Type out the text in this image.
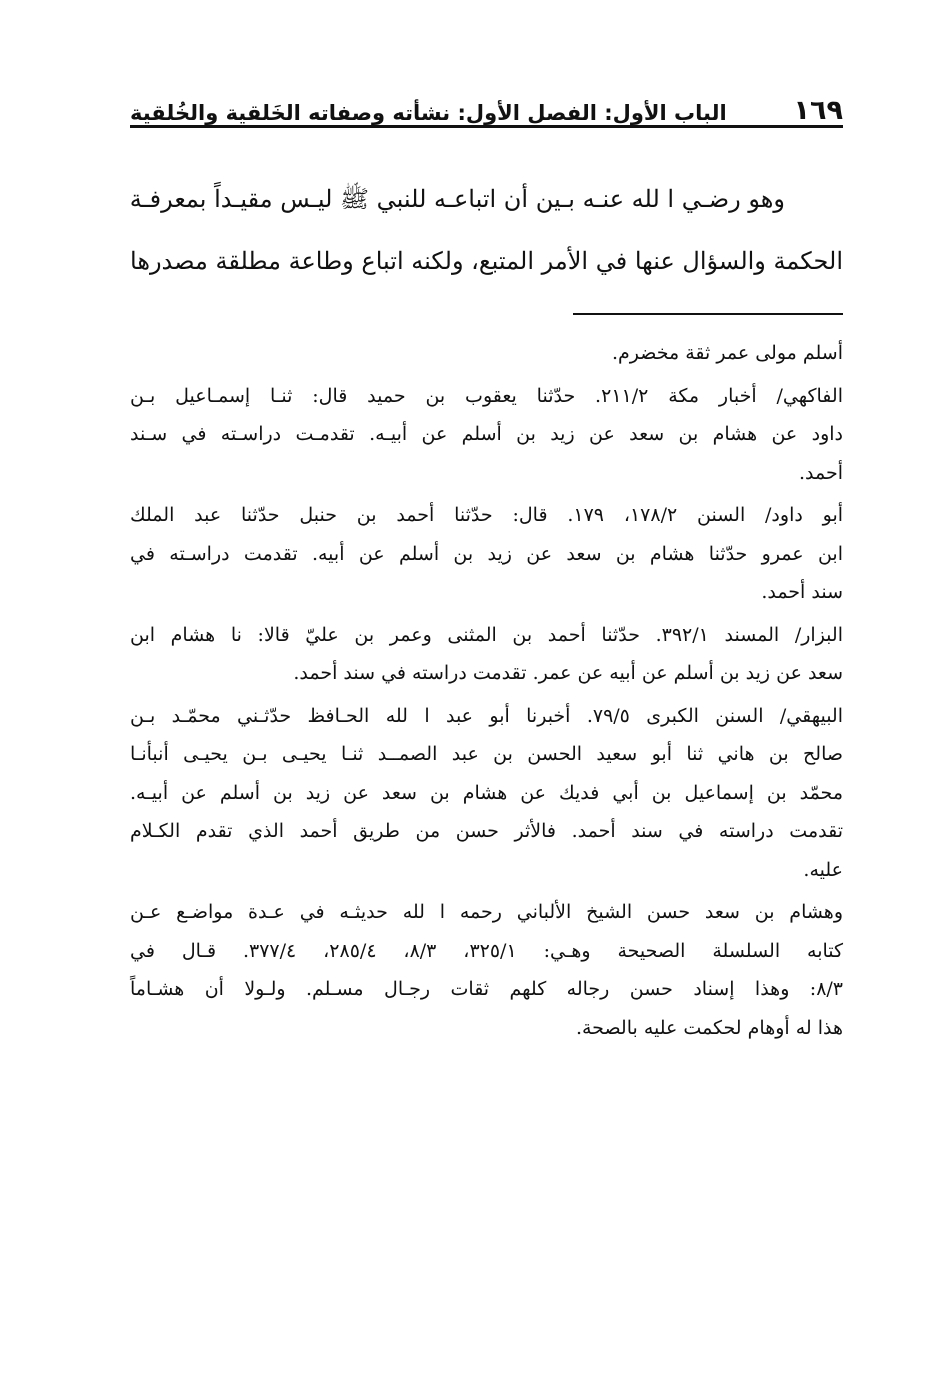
١٦٩
الباب الأول: الفصل الأول: نشأته وصفاته الخَلقية والخُلقية

وهو رضـي ا لله عنـه بـين أن اتباعـه للنبي ﷺ ليـس مقيـداً بمعرفـة

الحكمة والسؤال عنها في الأمر المتبع، ولكنه اتباع وطاعة مطلقة مصدرها

أسلم مولى عمر ثقة مخضرم.

الفاكهي/ أخبار مكة ٢١١/٢. حدّثنا يعقوب بن حميد قال: ثنـا إسمـاعيل بـن

داود عن هشام بن سعد عن زيد بن أسلم عن أبيـه. تقدمـت دراسـته في سـند

أحمد.

أبو داود/ السنن ١٧٨/٢، ١٧٩. قال: حدّثنا أحمد بن حنبل حدّثنا عبد الملك

ابن عمرو حدّثنا هشام بن سعد عن زيد بن أسلم عن أبيه. تقدمت دراسـته في

سند أحمد.

البزار/ المسند ٣٩٢/١. حدّثنا أحمد بن المثنى وعمر بن عليّ قالا: نا هشام ابن

سعد عن زيد بن أسلم عن أبيه عن عمر. تقدمت دراسته في سند أحمد.

البيهقي/ السنن الكبرى ٧٩/٥. أخبرنا أبو عبد ا لله الحـافظ حدّثـني محمّـد بـن

صالح بن هاني ثنا أبو سعيد الحسن بن عبد الصمــد ثنـا يحيـى بـن يحيـى أنبأنـا

محمّد بن إسماعيل بن أبي فديك عن هشام بن سعد عن زيد بن أسلم عن أبيـه.

تقدمت دراسته في سند أحمد. فالأثر حسن من طريق أحمد الذي تقدم الكـلام

عليه.

وهشام بن سعد حسن الشيخ الألباني رحمه ا لله حديثـه في عـدة مواضـع عـن

كتابه السلسلة الصحيحة وهـي: ٣٢٥/١، ٨/٣، ٢٨٥/٤، ٣٧٧/٤. قـال في

٨/٣: وهذا إسناد حسن رجاله كلهم ثقات رجـال مسـلم. ولـولا أن هشـاماً

هذا له أوهام لحكمت عليه بالصحة.
